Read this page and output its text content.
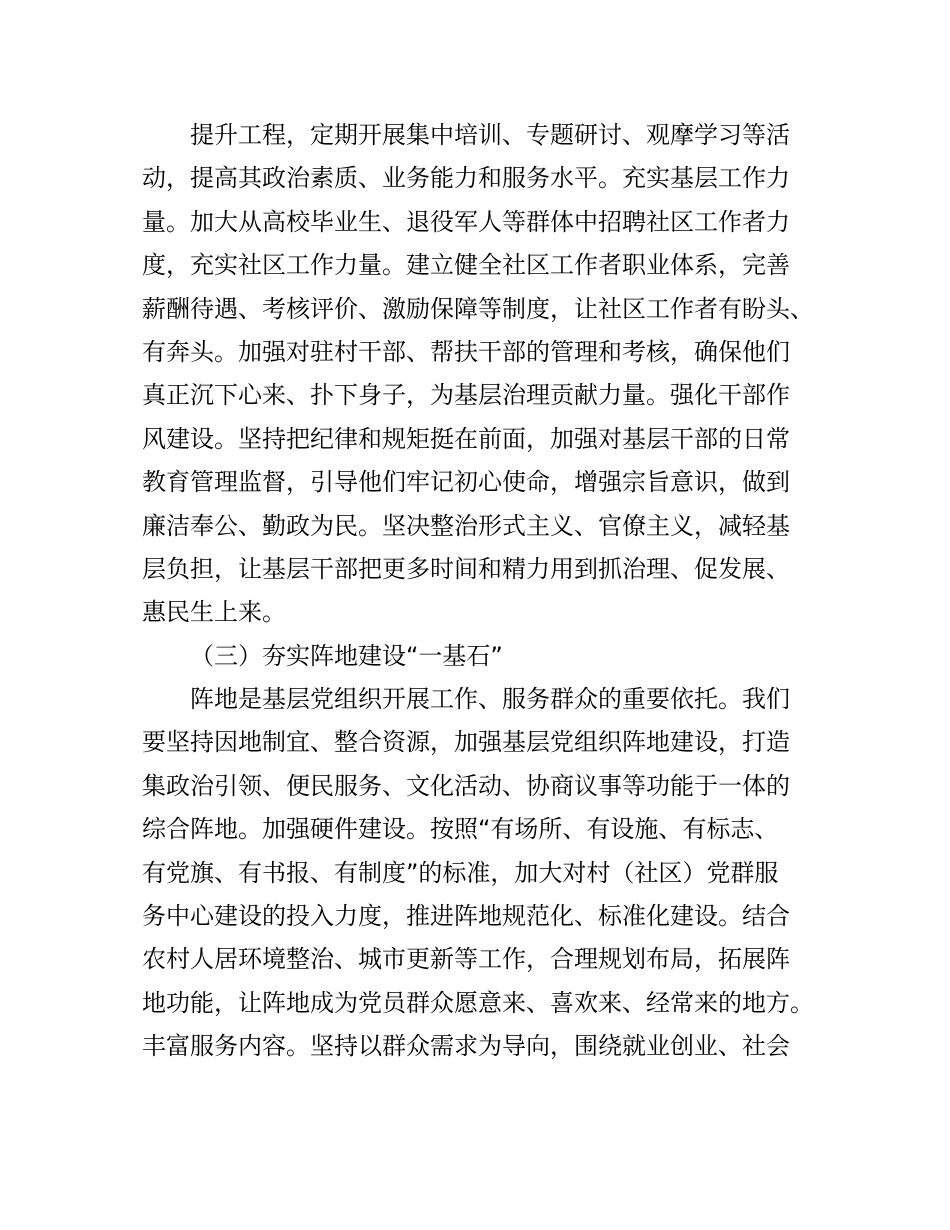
提升工程，定期开展集中培训、专题研讨、观摩学习等活
动，提高其政治素质、业务能力和服务水平。充实基层工作力
量。加大从高校毕业生、退役军人等群体中招聘社区工作者力
度，充实社区工作力量。建立健全社区工作者职业体系，完善
薪酬待遇、考核评价、激励保障等制度，让社区工作者有盼头、
有奔头。加强对驻村干部、帮扶干部的管理和考核，确保他们
真正沉下心来、扑下身子，为基层治理贡献力量。强化干部作
风建设。坚持把纪律和规矩挺在前面，加强对基层干部的日常
教育管理监督，引导他们牢记初心使命，增强宗旨意识，做到
廉洁奉公、勤政为民。坚决整治形式主义、官僚主义，减轻基
层负担，让基层干部把更多时间和精力用到抓治理、促发展、
惠民生上来。
（三）夯实阵地建设“一基石”
阵地是基层党组织开展工作、服务群众的重要依托。我们
要坚持因地制宜、整合资源，加强基层党组织阵地建设，打造
集政治引领、便民服务、文化活动、协商议事等功能于一体的
综合阵地。加强硬件建设。按照“有场所、有设施、有标志、
有党旗、有书报、有制度”的标准，加大对村（社区）党群服
务中心建设的投入力度，推进阵地规范化、标准化建设。结合
农村人居环境整治、城市更新等工作，合理规划布局，拓展阵
地功能，让阵地成为党员群众愿意来、喜欢来、经常来的地方。
丰富服务内容。坚持以群众需求为导向，围绕就业创业、社会
